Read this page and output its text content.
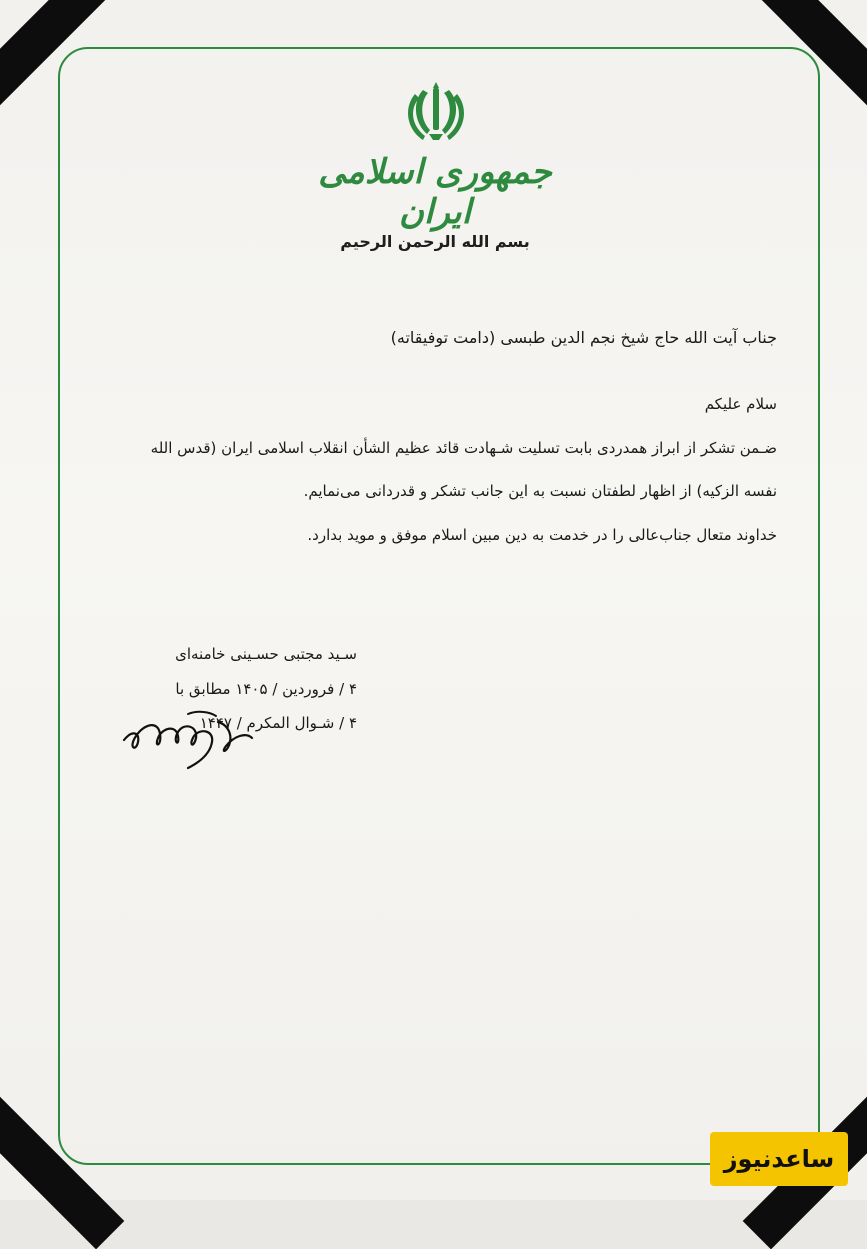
جمهوری اسلامی ایران
بسم الله الرحمن الرحیم
جناب آیت الله حاج شیخ نجم الدین طبسی (دامت توفیقاته)
سلام علیکم
ضـمن تشکر از ابراز همدردی بابت تسلیت شـهادت قائد عظیم الشأن انقلاب اسلامی ایران (قدس الله
نفسه الزکیه) از اظهار لطفتان نسبت به این جانب تشکر و قدردانی می‌نمایم.
خداوند متعال جناب‌عالی را در خدمت به دین مبین اسلام موفق و موید بدارد.
سـید مجتبی حسـینی خامنه‌ای
۴ / فروردین / ۱۴۰۵ مطابق با
۴ / شـوال المکرم / ۱۴۴۷
ساعدنیوز
